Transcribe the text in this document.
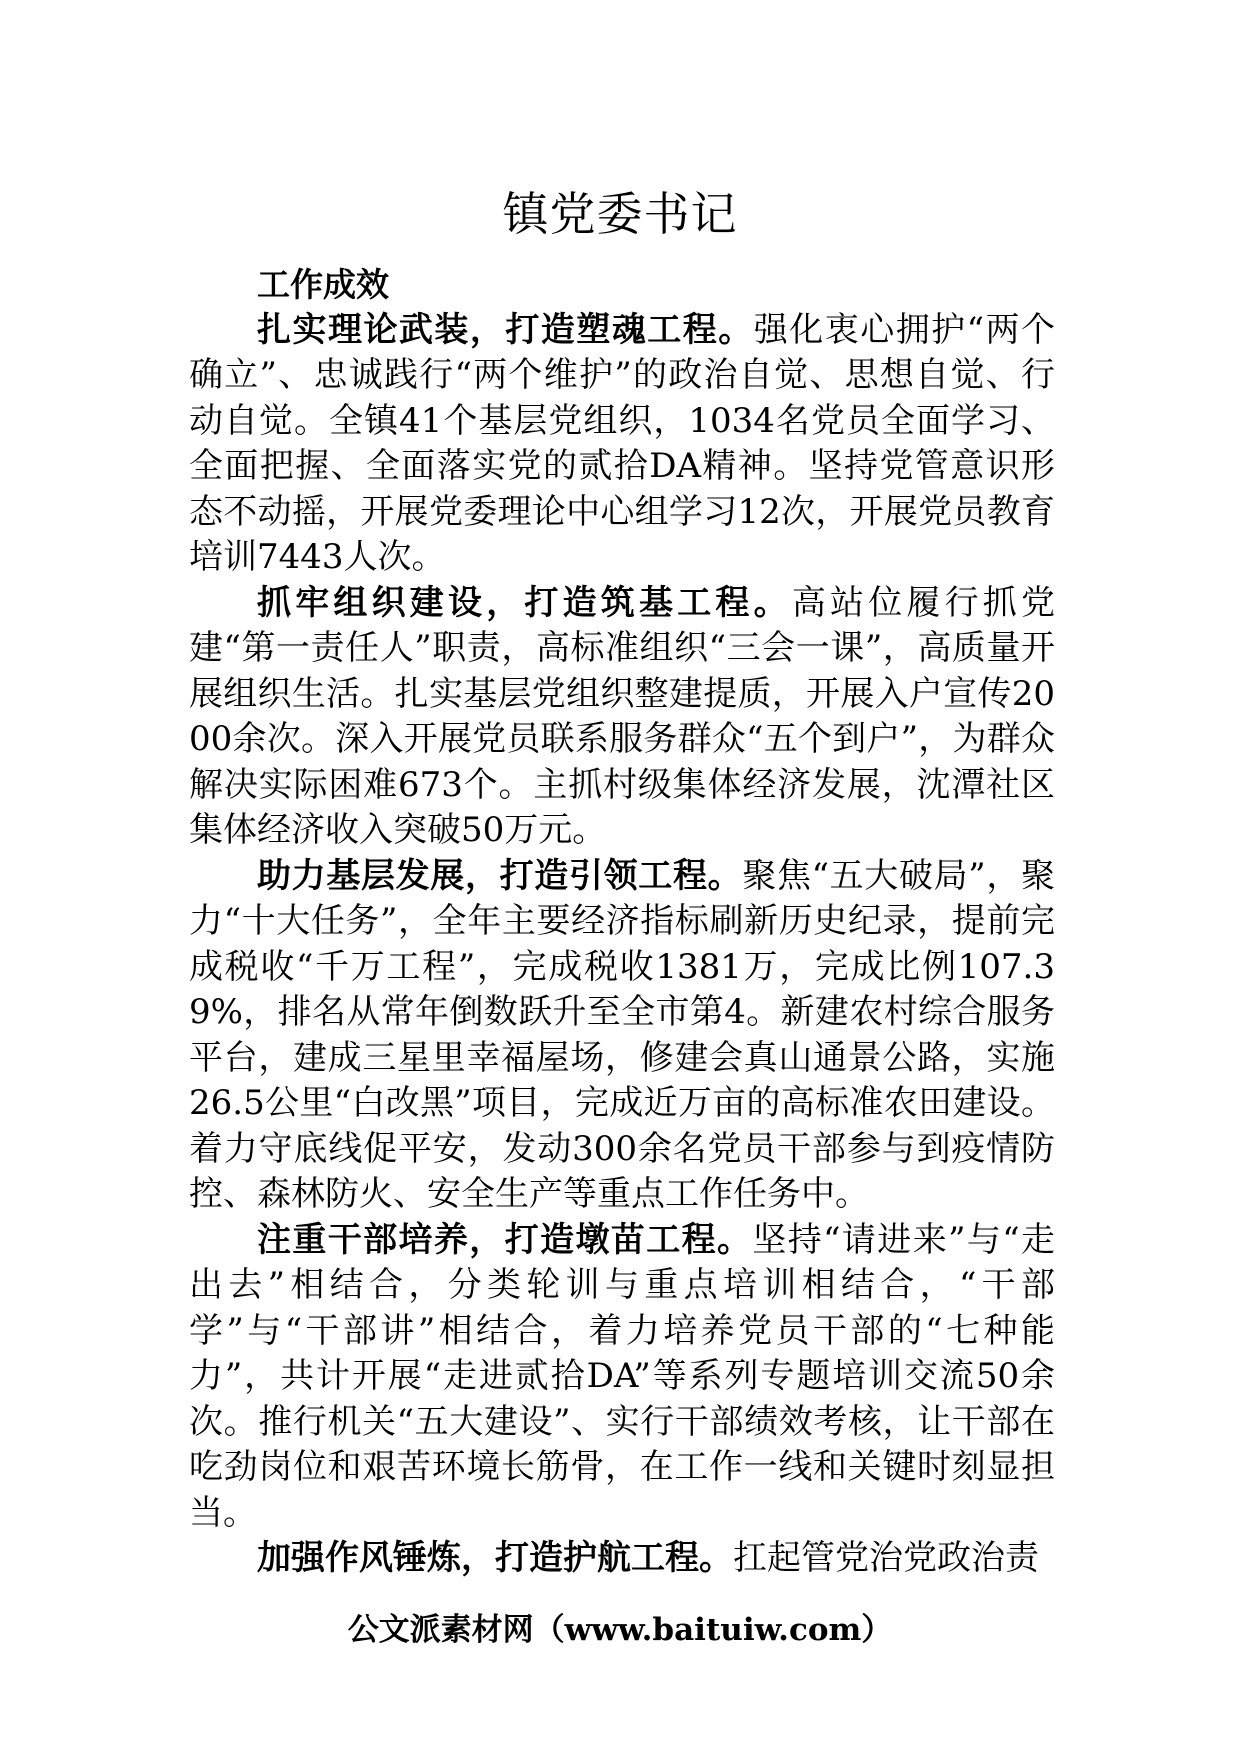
镇党委书记

工作成效

扎实理论武装，打造塑魂工程。强化衷心拥护“两个确立”、忠诚践行“两个维护”的政治自觉、思想自觉、行动自觉。全镇41个基层党组织，1034名党员全面学习、全面把握、全面落实党的贰拾DA精神。坚持党管意识形态不动摇，开展党委理论中心组学习12次，开展党员教育培训7443人次。

抓牢组织建设，打造筑基工程。高站位履行抓党建“第一责任人”职责，高标准组织“三会一课”，高质量开展组织生活。扎实基层党组织整建提质，开展入户宣传2000余次。深入开展党员联系服务群众“五个到户”，为群众解决实际困难673个。主抓村级集体经济发展，沈潭社区集体经济收入突破50万元。

助力基层发展，打造引领工程。聚焦“五大破局”，聚力“十大任务”，全年主要经济指标刷新历史纪录，提前完成税收“千万工程”，完成税收1381万，完成比例107.39%，排名从常年倒数跃升至全市第4。新建农村综合服务平台，建成三星里幸福屋场，修建会真山通景公路，实施26.5公里“白改黑”项目，完成近万亩的高标准农田建设。着力守底线促平安，发动300余名党员干部参与到疫情防控、森林防火、安全生产等重点工作任务中。

注重干部培养，打造墩苗工程。坚持“请进来”与“走出去”相结合，分类轮训与重点培训相结合，“干部学”与“干部讲”相结合，着力培养党员干部的“七种能力”，共计开展“走进贰拾DA”等系列专题培训交流50余次。推行机关“五大建设”、实行干部绩效考核，让干部在吃劲岗位和艰苦环境长筋骨，在工作一线和关键时刻显担当。

加强作风锤炼，打造护航工程。扛起管党治党政治责

公文派素材网（www.baituiw.com）
